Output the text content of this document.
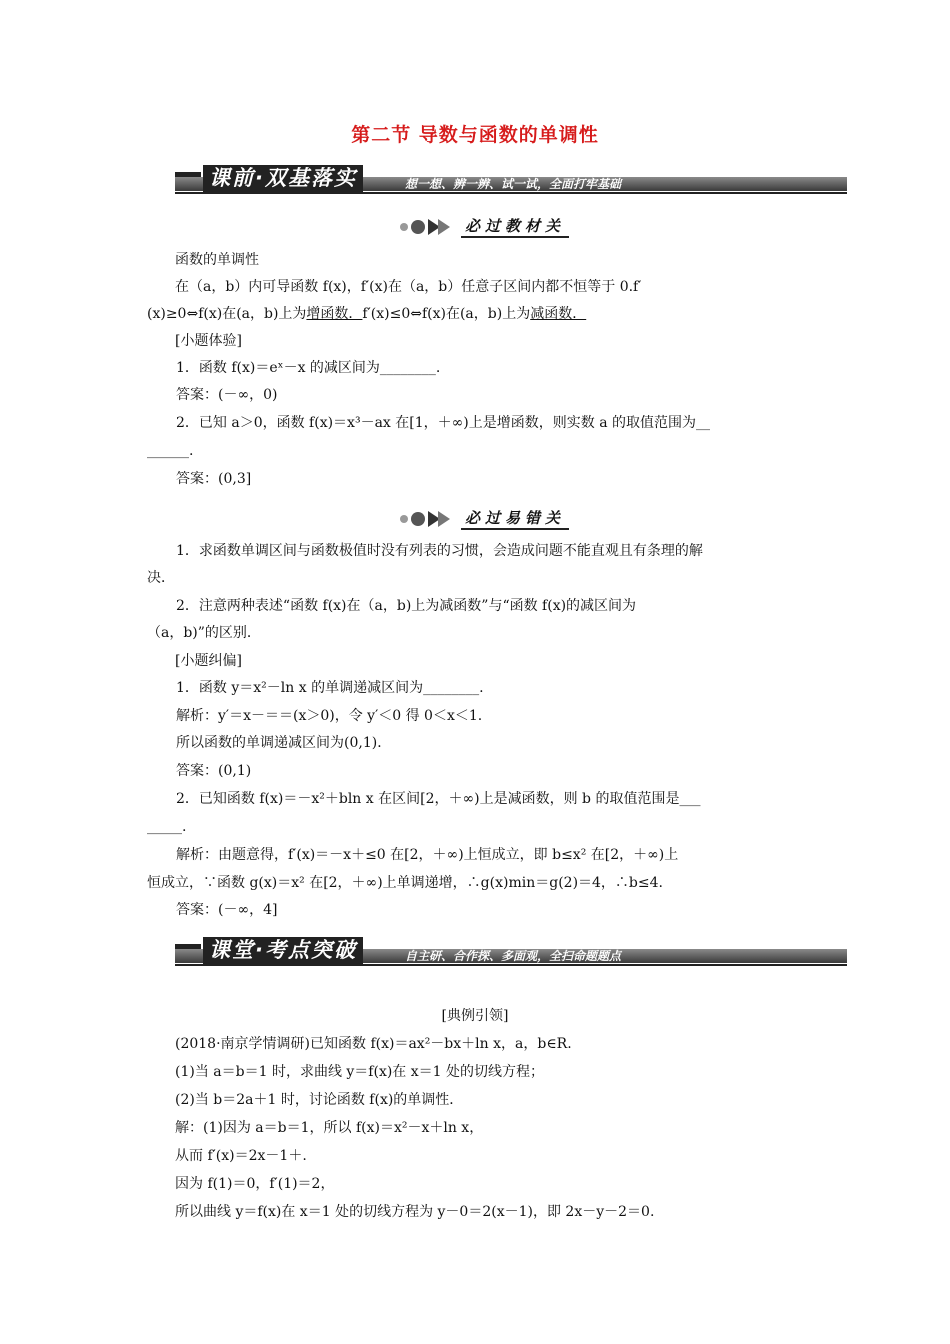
第二节 导数与函数的单调性
课前·双基落实	想一想、辨一辨、试一试，全面打牢基础
必过教材关
函数的单调性
在（a，b）内可导函数 f(x)，f′(x)在（a，b）任意子区间内都不恒等于 0.f′
(x)≥0⇔f(x)在(a，b)上为增函数．f′(x)≤0⇔f(x)在(a，b)上为减函数．
[小题体验]
1．函数 f(x)＝eˣ－x 的减区间为________.
答案：(－∞，0)
2．已知 a＞0，函数 f(x)＝x³－ax 在[1，＋∞)上是增函数，则实数 a 的取值范围为__
______.
答案：(0,3]
必过易错关
1．求函数单调区间与函数极值时没有列表的习惯，会造成问题不能直观且有条理的解
决．
2．注意两种表述“函数 f(x)在（a，b)上为减函数”与“函数 f(x)的减区间为
（a，b)”的区别．
[小题纠偏]
1．函数 y＝x²－ln x 的单调递减区间为________.
解析：y′＝x－＝＝(x＞0)，令 y′＜0 得 0＜x＜1.
所以函数的单调递减区间为(0,1)．
答案：(0,1)
2．已知函数 f(x)＝－x²＋bln x 在区间[2，＋∞)上是减函数，则 b 的取值范围是___
_____.
解析：由题意得，f′(x)＝－x＋≤0 在[2，＋∞)上恒成立，即 b≤x² 在[2，＋∞)上
恒成立，∵函数 g(x)＝x² 在[2，＋∞)上单调递增，∴g(x)min＝g(2)＝4，∴b≤4.
答案：(－∞，4]
课堂·考点突破	自主研、合作探、多面观，全扫命题题点
[典例引领]
(2018·南京学情调研)已知函数 f(x)＝ax²－bx＋ln x，a，b∈R.
(1)当 a＝b＝1 时，求曲线 y＝f(x)在 x＝1 处的切线方程；
(2)当 b＝2a＋1 时，讨论函数 f(x)的单调性．
解：(1)因为 a＝b＝1，所以 f(x)＝x²－x＋ln x，
从而 f′(x)＝2x－1＋.
因为 f(1)＝0，f′(1)＝2，
所以曲线 y＝f(x)在 x＝1 处的切线方程为 y－0＝2(x－1)，即 2x－y－2＝0.
